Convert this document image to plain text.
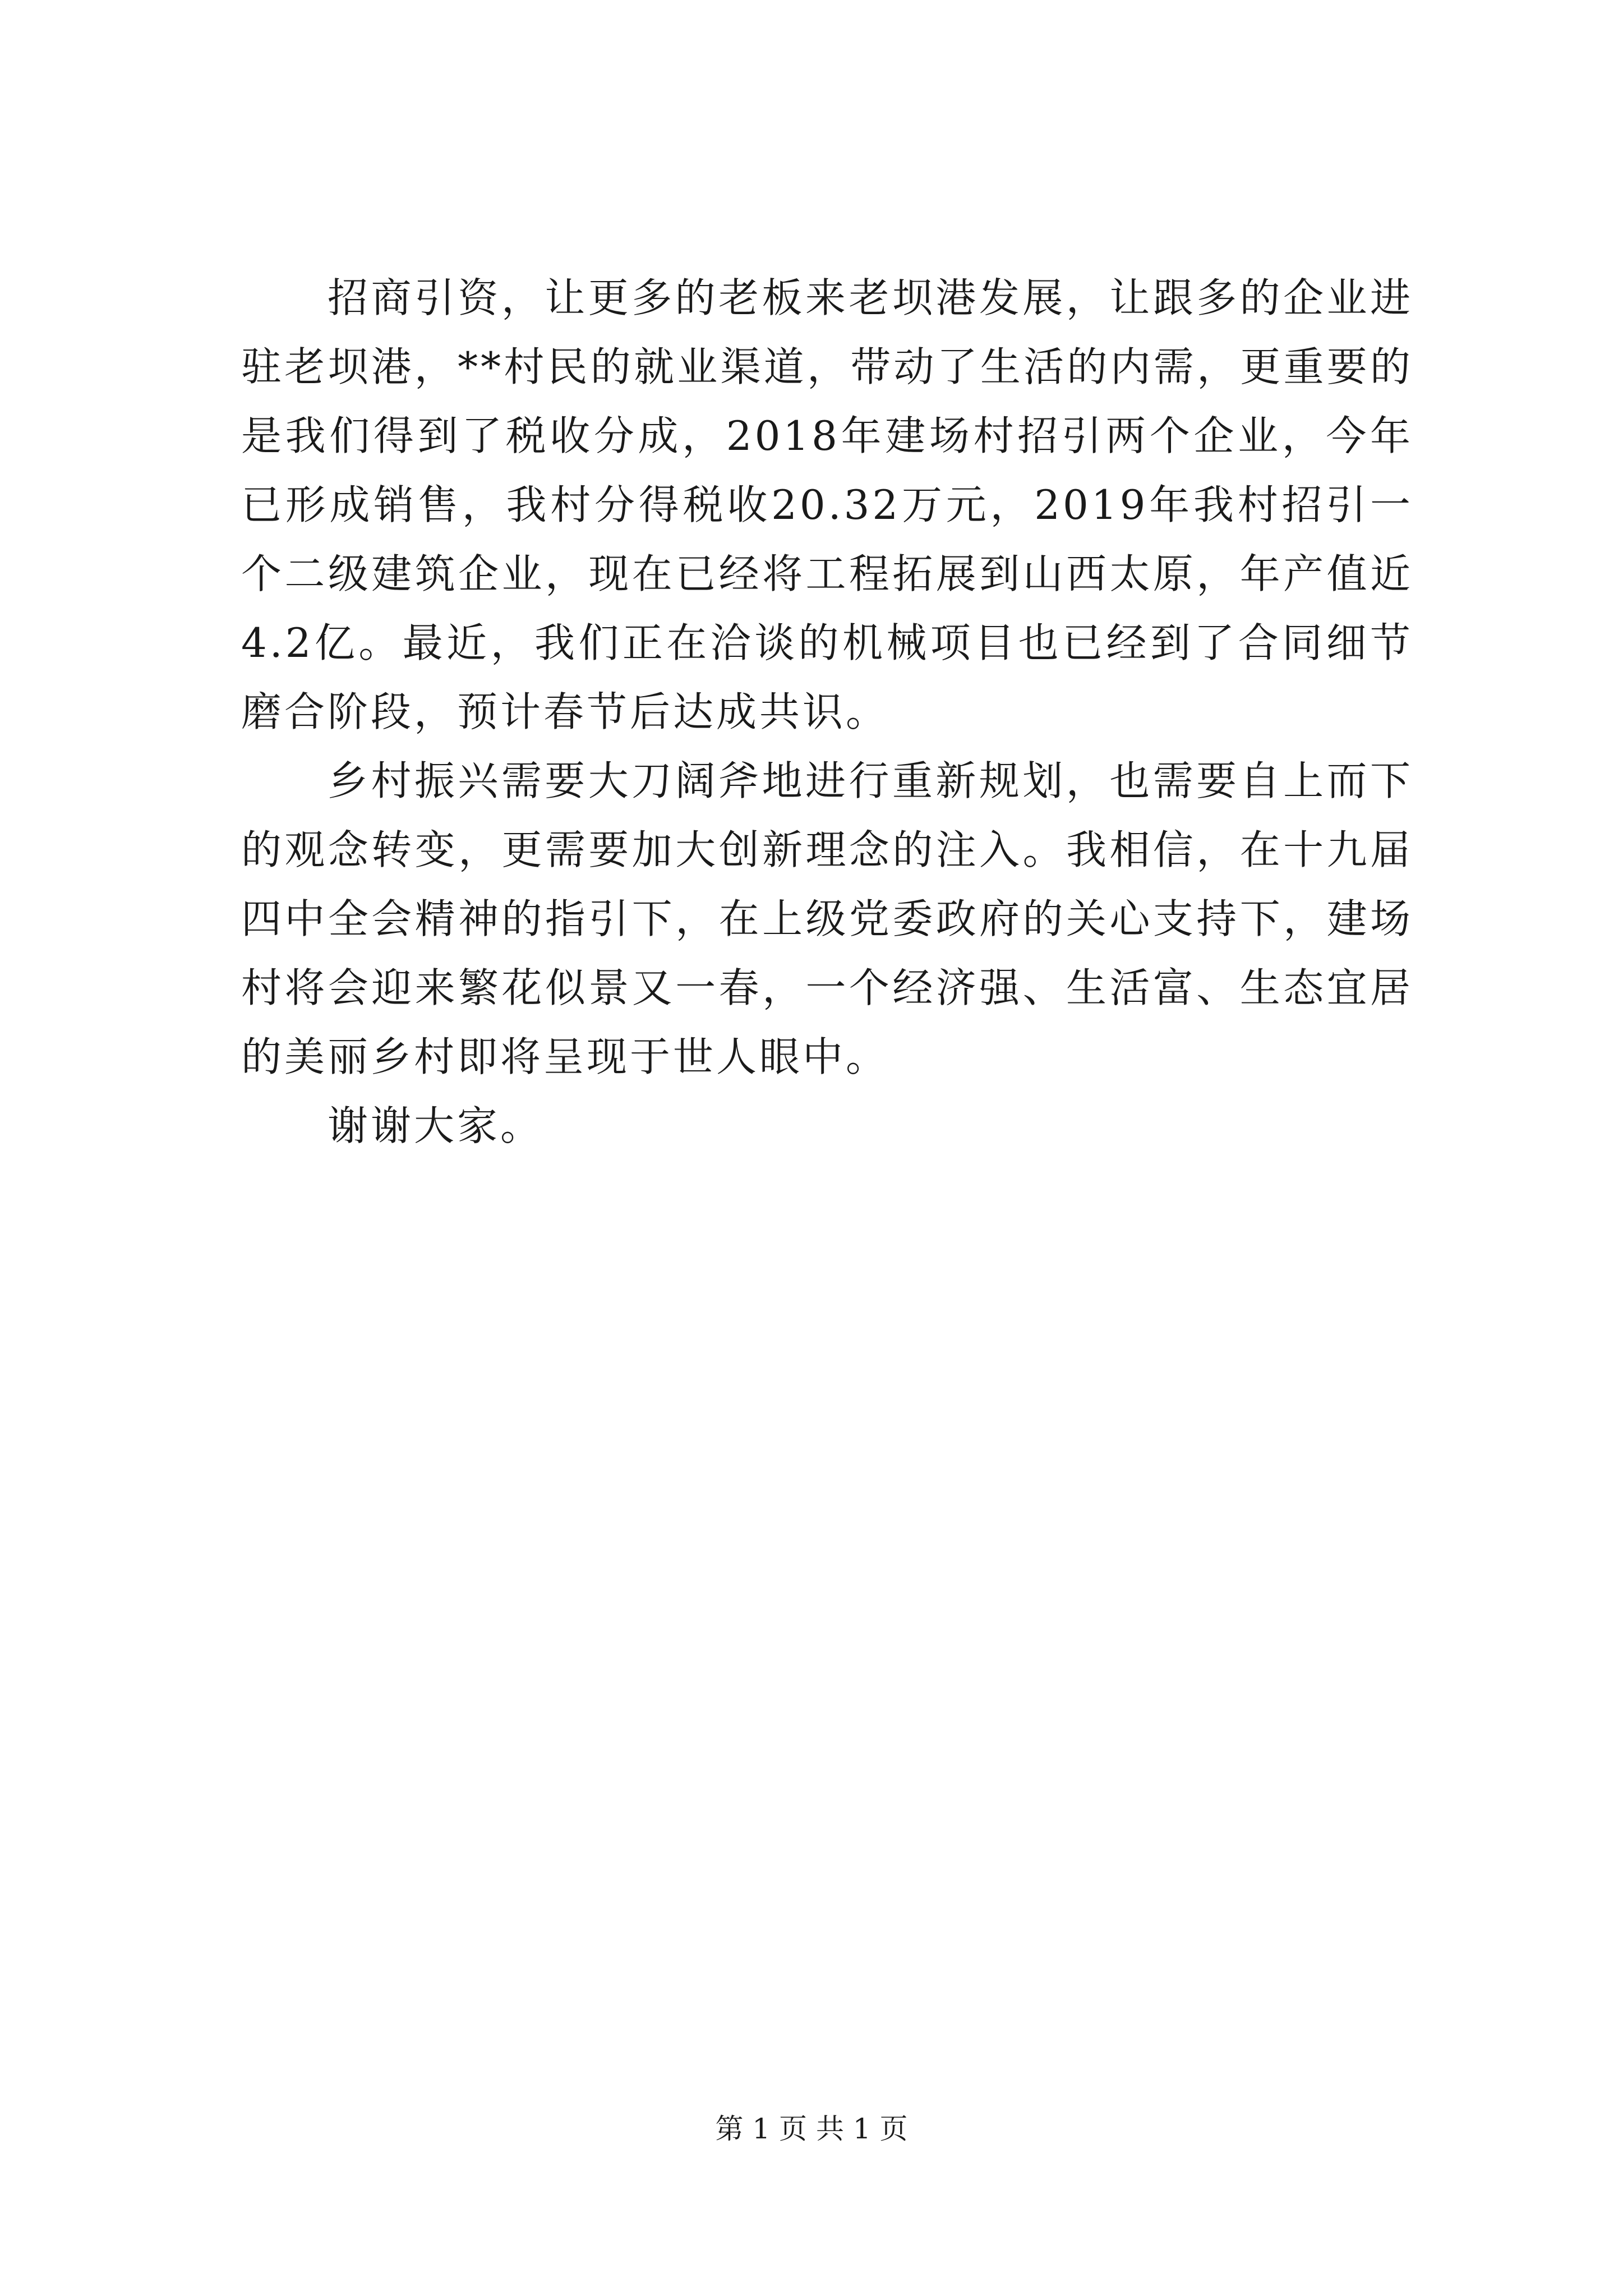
招商引资，让更多的老板来老坝港发展，让跟多的企业进驻老坝港，**村民的就业渠道，带动了生活的内需，更重要的是我们得到了税收分成，2018年建场村招引两个企业，今年已形成销售，我村分得税收20.32万元，2019年我村招引一个二级建筑企业，现在已经将工程拓展到山西太原，年产值近4.2亿。最近，我们正在洽谈的机械项目也已经到了合同细节磨合阶段，预计春节后达成共识。

乡村振兴需要大刀阔斧地进行重新规划，也需要自上而下的观念转变，更需要加大创新理念的注入。我相信，在十九届四中全会精神的指引下，在上级党委政府的关心支持下，建场村将会迎来繁花似景又一春，一个经济强、生活富、生态宜居的美丽乡村即将呈现于世人眼中。

谢谢大家。

第 1 页 共 1 页
